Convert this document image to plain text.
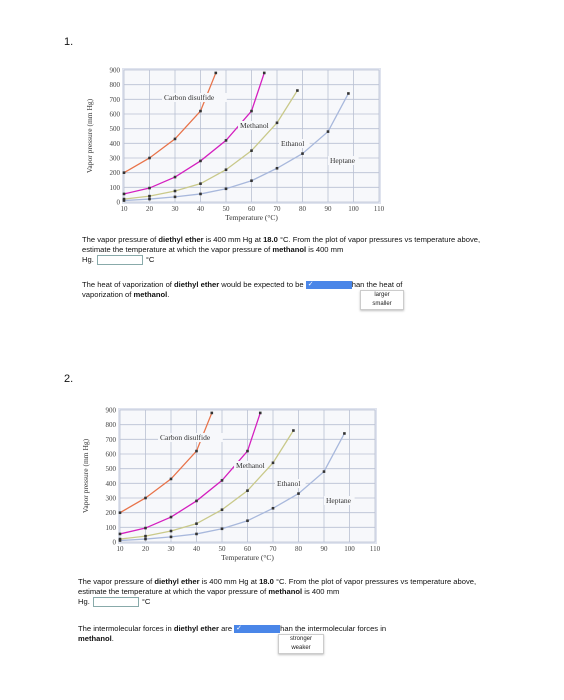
1.
10	20	30	40	50	60	70	80	90 100 110
0
100
200
300
400
500
600
700
800
900
Temperature (°C)
Vapor pressure (mm Hg)
Carbon disulfide
Methanol
Ethanol
Heptane
The vapor pressure of diethyl ether is 400 mm Hg at 18.0 °C. From the plot of vapor pressures vs temperature above, estimate the temperature at which the vapor pressure of methanol is 400 mm
Hg.	°C
The heat of vaporization of diethyl ether would be expected to be ✓	han the heat of
vaporization of methanol.	larger
smaller
2.
10	20	30	40	50	60	70	80	90 100 110
0
100
200
300
400
500
600
700
800
900
Temperature (°C)
Vapor pressure (mm Hg)
Carbon disulfide
Methanol
Ethanol
Heptane
The vapor pressure of diethyl ether is 400 mm Hg at 18.0 °C. From the plot of vapor pressures vs temperature above, estimate the temperature at which the vapor pressure of methanol is 400 mm
Hg.	°C
The intermolecular forces in diethyl ether are ✓	han the intermolecular forces in
methanol.	stronger
weaker
